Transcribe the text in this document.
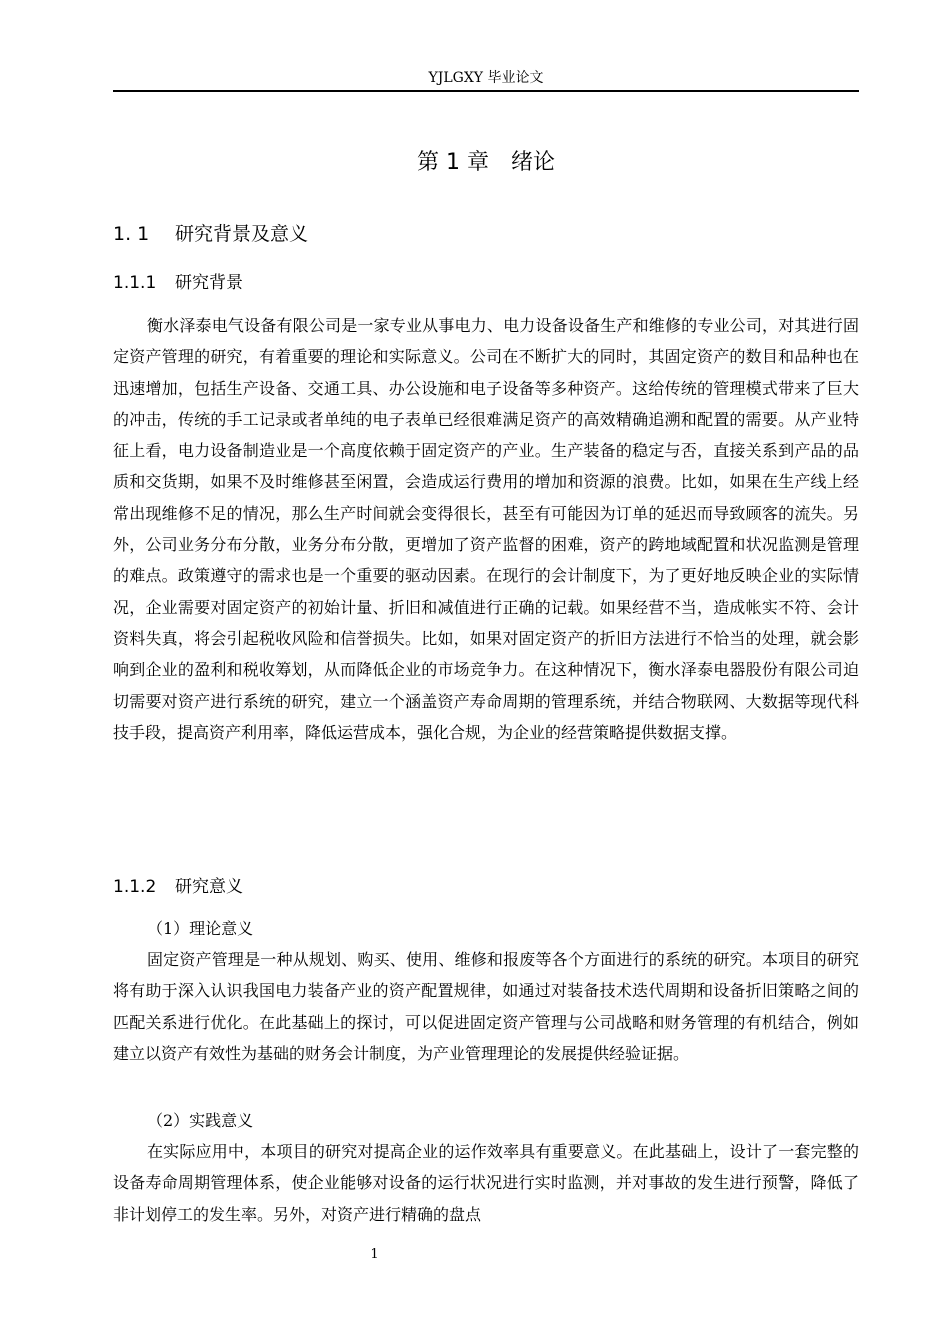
YJLGXY 毕业论文
第 1 章　绪论
1. 1 研究背景及意义
1.1.1 研究背景

衡水泽泰电气设备有限公司是一家专业从事电力、电力设备设备生产和维修的专业公司，对其进行固定资产管理的研究，有着重要的理论和实际意义。公司在不断扩大的同时，其固定资产的数目和品种也在迅速增加，包括生产设备、交通工具、办公设施和电子设备等多种资产。这给传统的管理模式带来了巨大的冲击，传统的手工记录或者单纯的电子表单已经很难满足资产的高效精确追溯和配置的需要。从产业特征上看，电力设备制造业是一个高度依赖于固定资产的产业。生产装备的稳定与否，直接关系到产品的品质和交货期，如果不及时维修甚至闲置，会造成运行费用的增加和资源的浪费。比如，如果在生产线上经常出现维修不足的情况，那么生产时间就会变得很长，甚至有可能因为订单的延迟而导致顾客的流失。另外，公司业务分布分散，业务分布分散，更增加了资产监督的困难，资产的跨地域配置和状况监测是管理的难点。政策遵守的需求也是一个重要的驱动因素。在现行的会计制度下，为了更好地反映企业的实际情况，企业需要对固定资产的初始计量、折旧和减值进行正确的记载。如果经营不当，造成帐实不符、会计资料失真，将会引起税收风险和信誉损失。比如，如果对固定资产的折旧方法进行不恰当的处理，就会影响到企业的盈利和税收筹划，从而降低企业的市场竞争力。在这种情况下，衡水泽泰电器股份有限公司迫切需要对资产进行系统的研究，建立一个涵盖资产寿命周期的管理系统，并结合物联网、大数据等现代科技手段，提高资产利用率，降低运营成本，强化合规，为企业的经营策略提供数据支撑。

1.1.2 研究意义
（1）理论意义

固定资产管理是一种从规划、购买、使用、维修和报废等各个方面进行的系统的研究。本项目的研究将有助于深入认识我国电力装备产业的资产配置规律，如通过对装备技术迭代周期和设备折旧策略之间的匹配关系进行优化。在此基础上的探讨，可以促进固定资产管理与公司战略和财务管理的有机结合，例如建立以资产有效性为基础的财务会计制度，为产业管理理论的发展提供经验证据。

（2）实践意义

在实际应用中，本项目的研究对提高企业的运作效率具有重要意义。在此基础上，设计了一套完整的设备寿命周期管理体系，使企业能够对设备的运行状况进行实时监测，并对事故的发生进行预警，降低了非计划停工的发生率。另外，对资产进行精确的盘点

1
